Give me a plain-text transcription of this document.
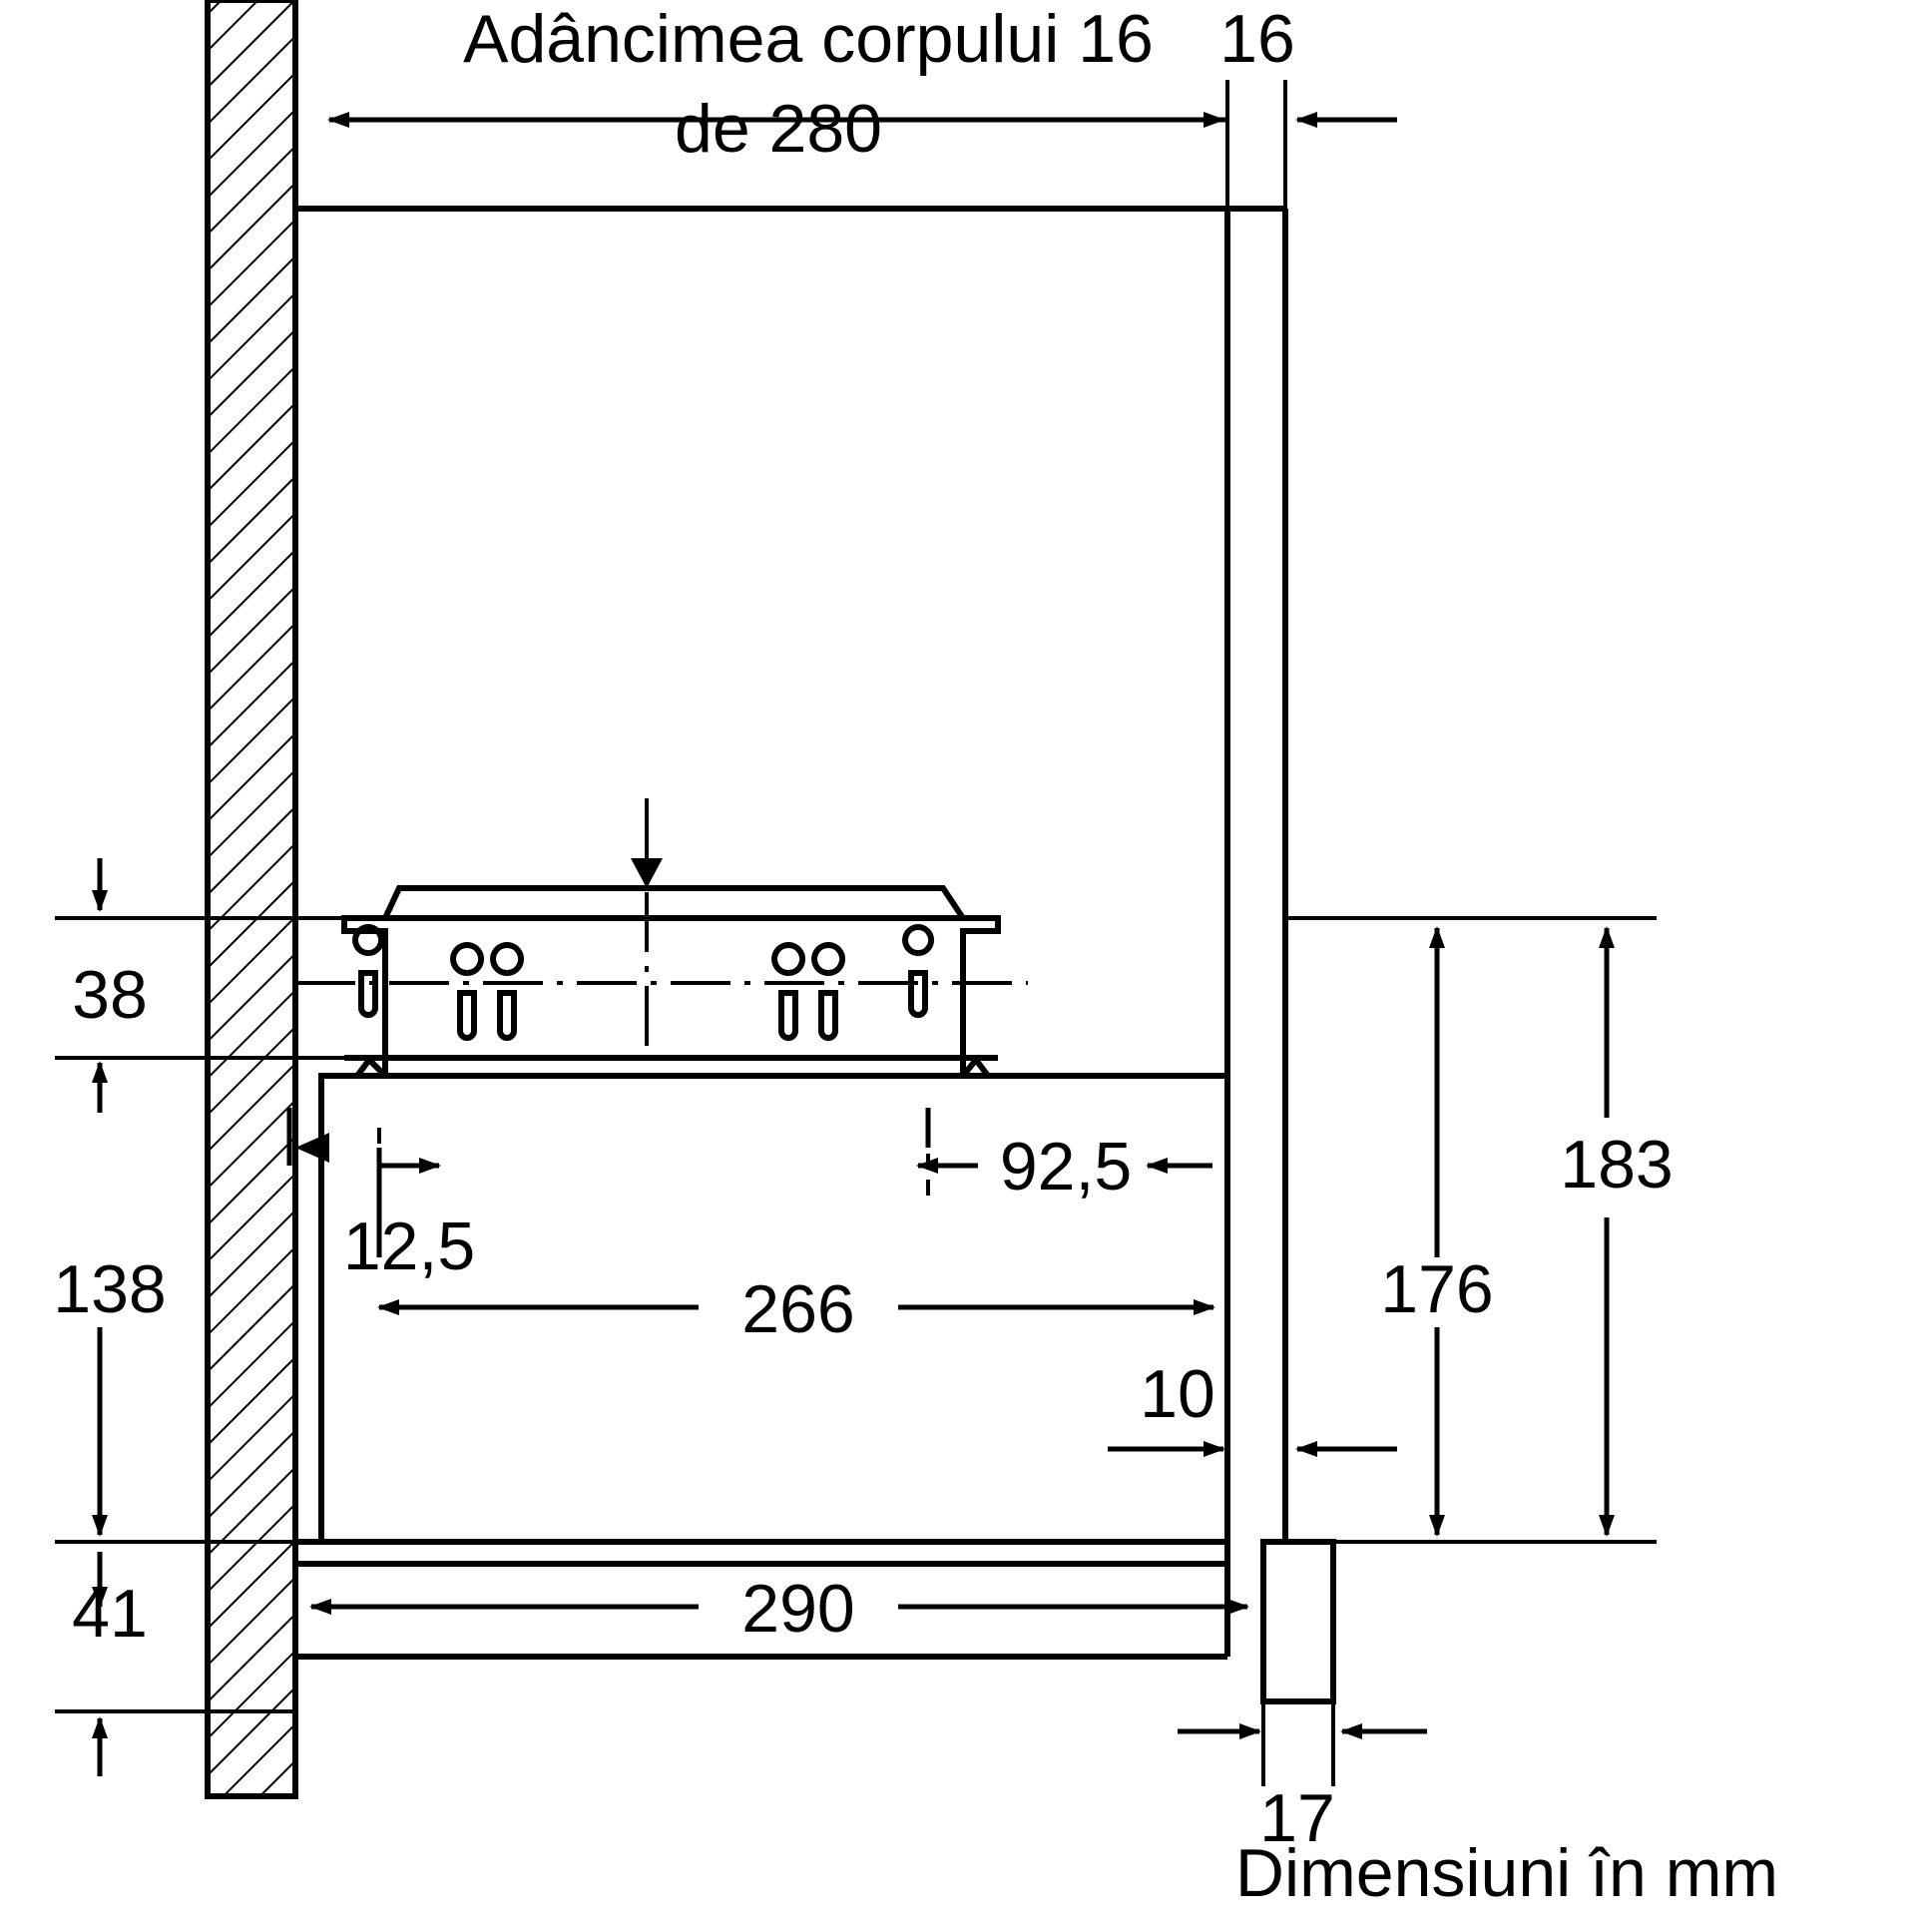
Adâncimea corpului 16
de 280
16
38
138
41
12,5
92,5
266
290
10
17
176
183
Dimensiuni în mm
